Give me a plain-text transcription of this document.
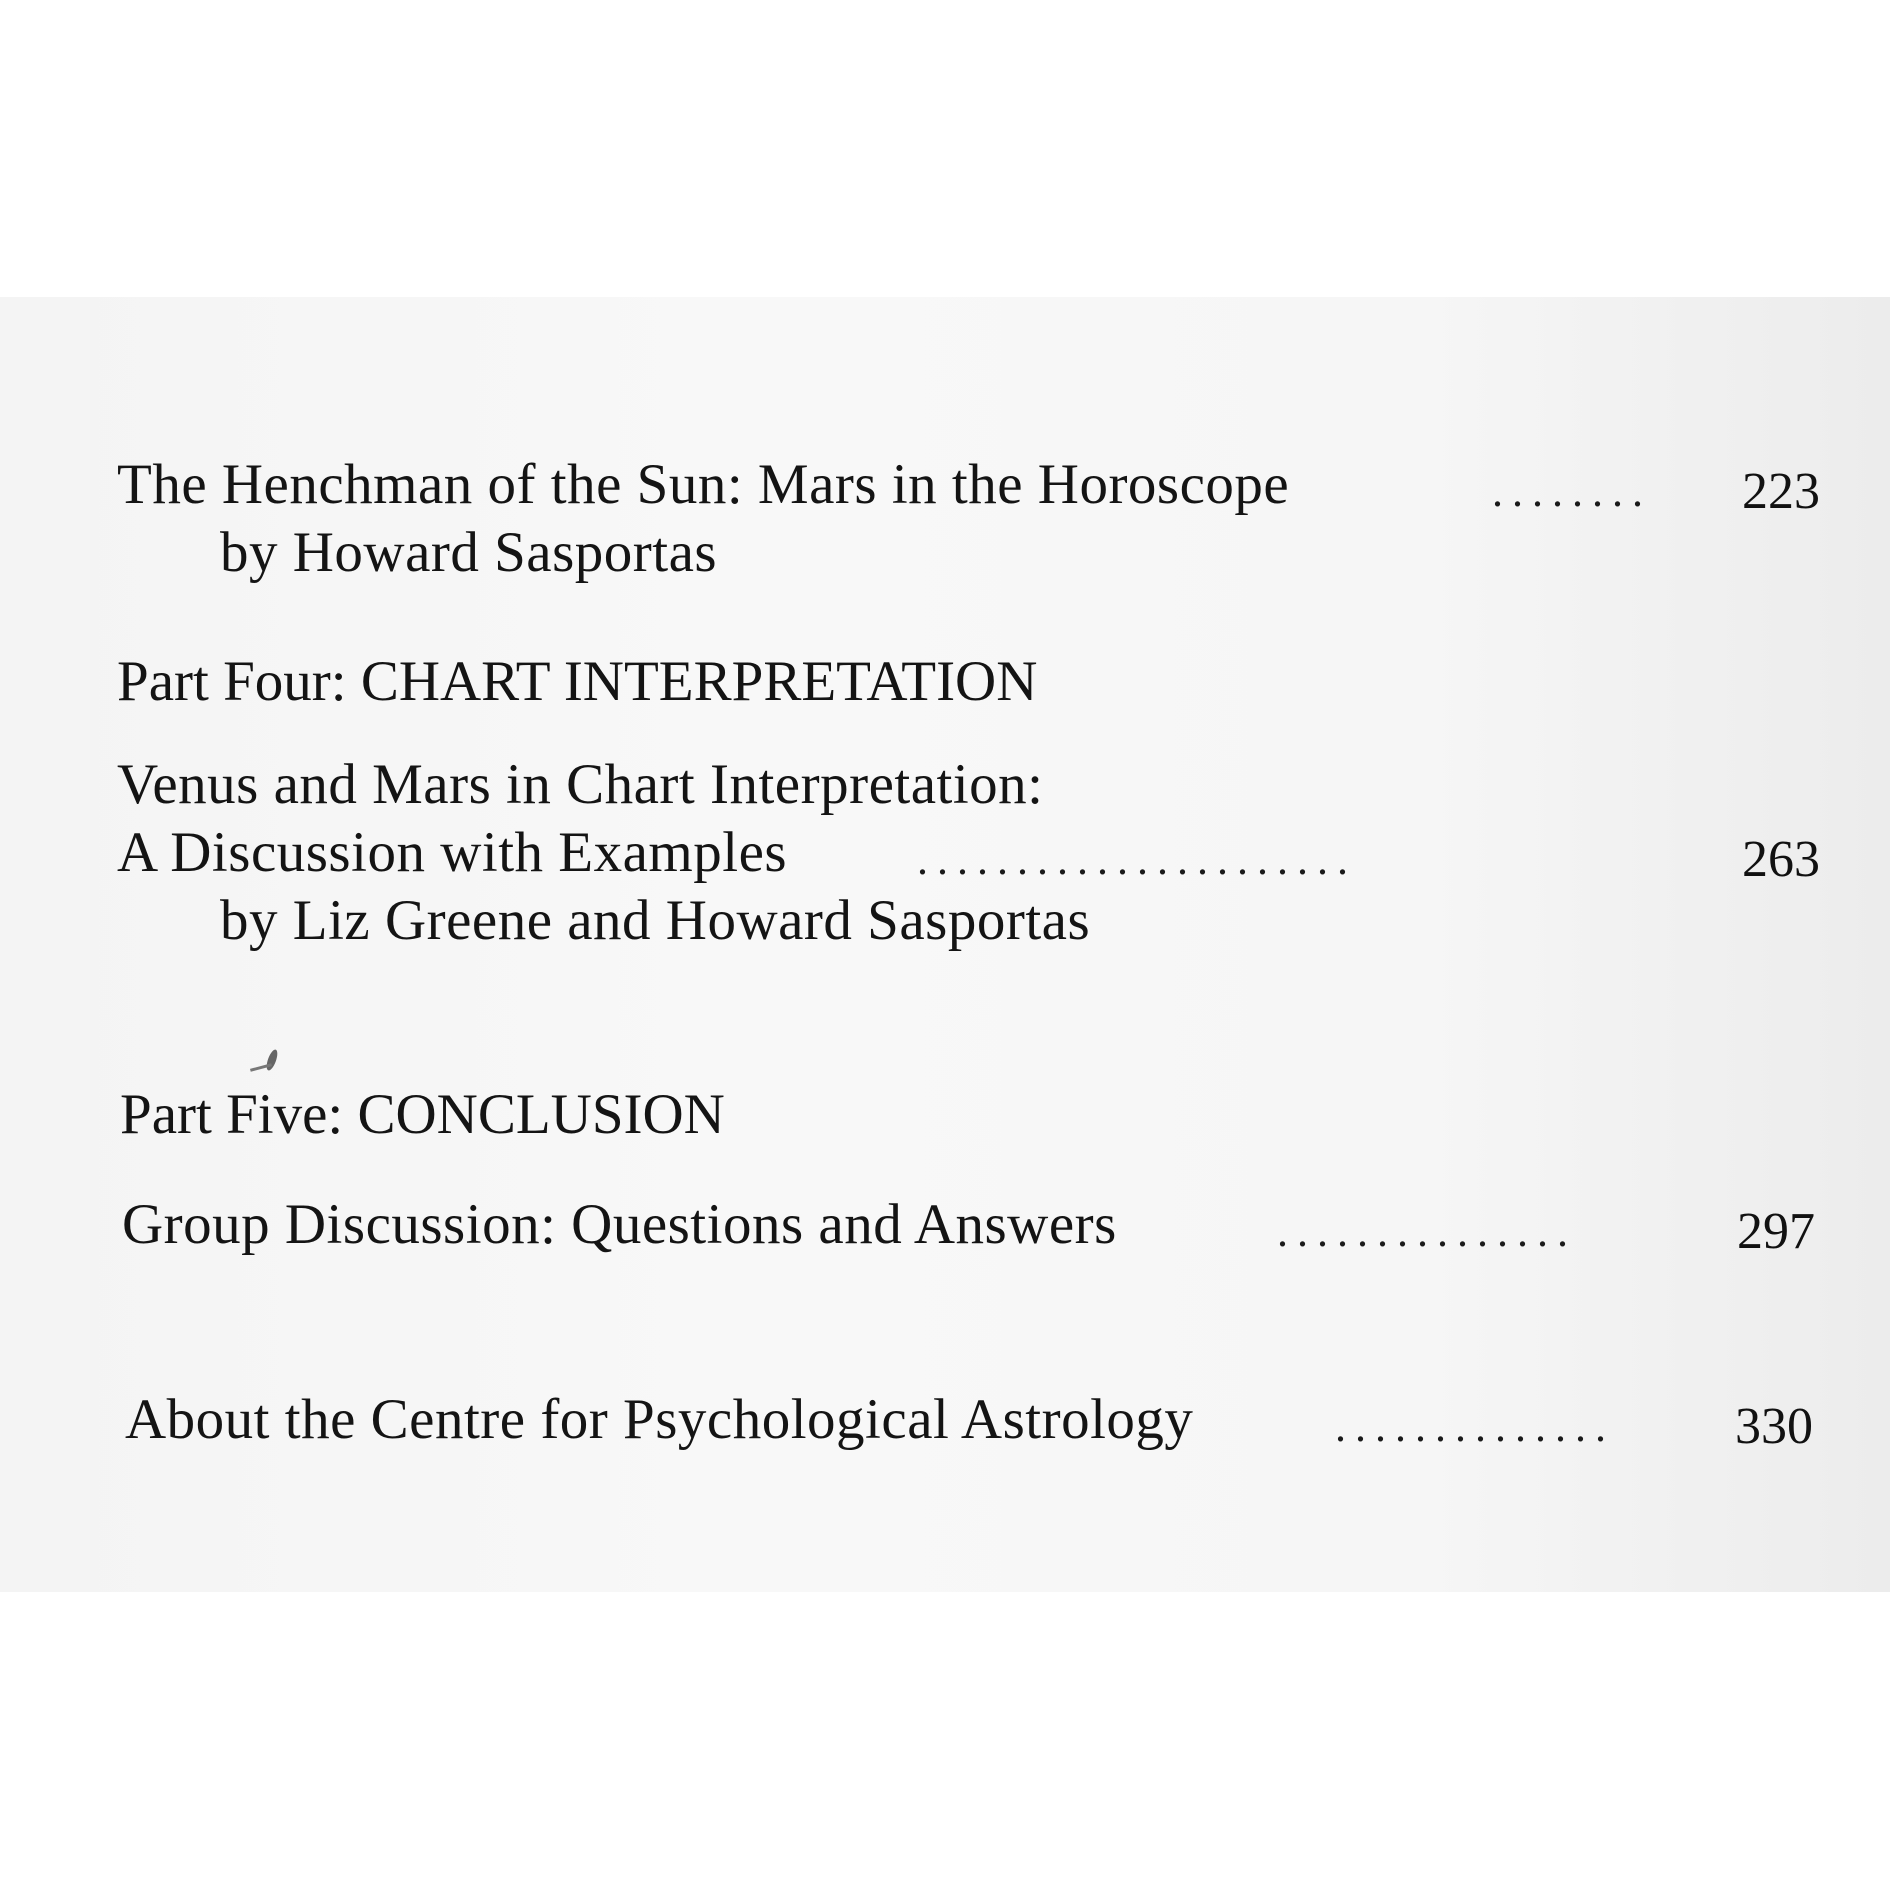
The Henchman of the Sun: Mars in the Horoscope	........ 223
by Howard Sasportas
Part Four: CHART INTERPRETATION
Venus and Mars in Chart Interpretation:
A Discussion with Examples	......................	263
by Liz Greene and Howard Sasportas
Part Five: CONCLUSION
Group Discussion: Questions and Answers	...............	297
About the Centre for Psychological Astrology	.............. 330
